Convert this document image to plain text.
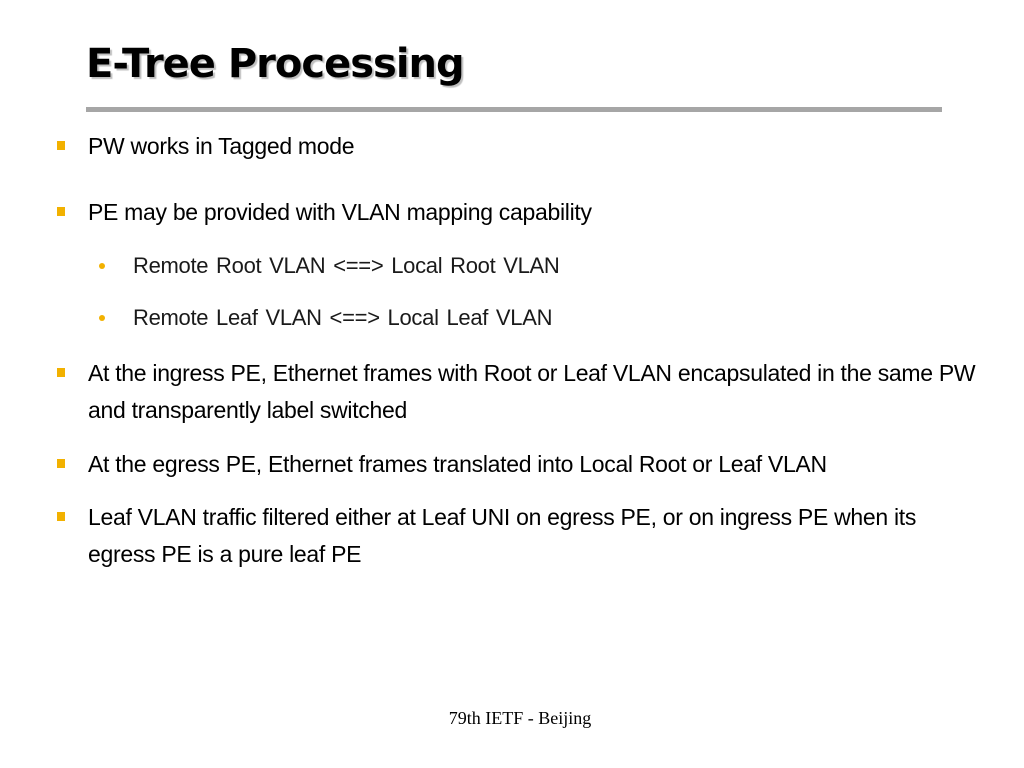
E-Tree Processing
PW works in Tagged mode
PE may be provided with VLAN mapping capability
Remote Root VLAN <==> Local Root VLAN
Remote Leaf VLAN <==> Local Leaf VLAN
At the ingress PE, Ethernet frames with Root or Leaf VLAN encapsulated in the same PW and transparently label switched
At the egress PE, Ethernet frames translated into Local Root or Leaf VLAN
Leaf VLAN traffic filtered either at Leaf UNI on egress PE, or on ingress PE when its egress PE is a pure leaf PE
79th IETF - Beijing
